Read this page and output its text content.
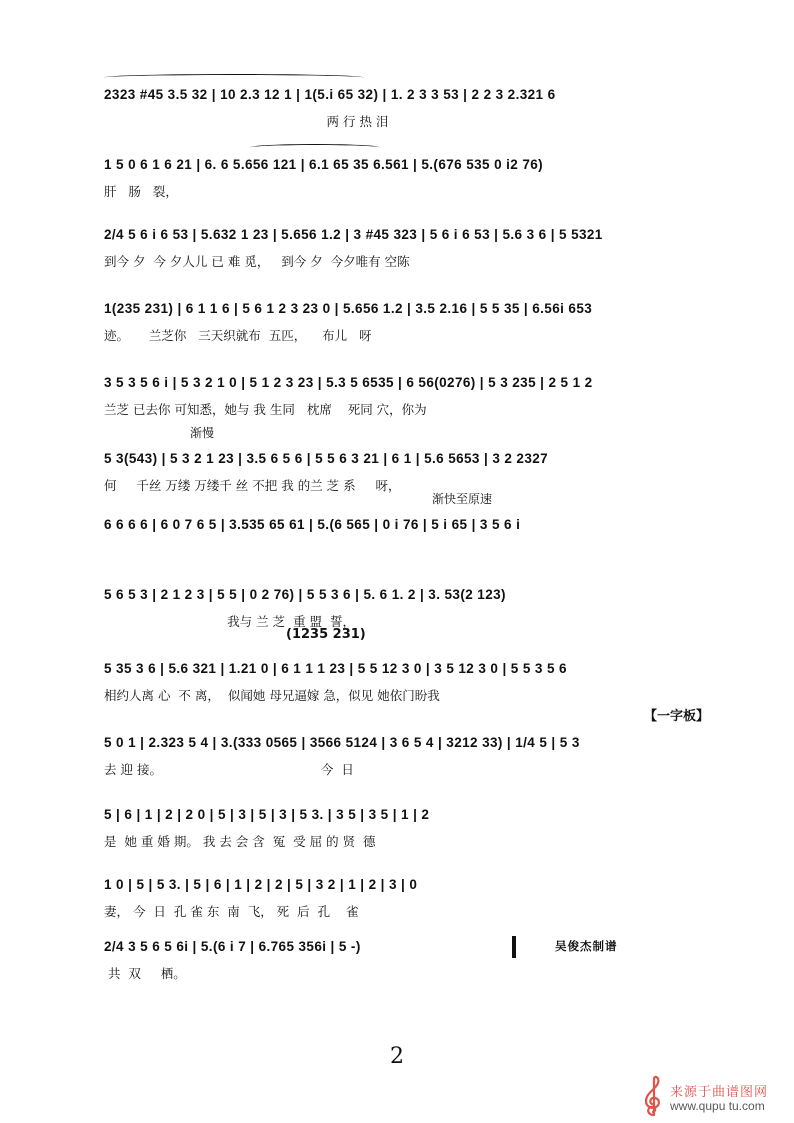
2323 #45 3.5 32 | 10 2.3 12 1 | 1(5.i 65 32) | 1. 2 3 3 53 | 2 2 3 2.321 6
两 行 热 泪
1 5 0 6 1 6 21 | 6. 6 5.656 121 | 6.1 65 35 6.561 | 5.(676 535 0 i2 76)
肝   肠   裂，
2/4 5 6 i 6 53 | 5.632 1 23 | 5.656 1.2 | 3 #45 323 | 5 6 i 6 53 | 5.6 3 6 | 5 5321
到今 夕  今 夕人儿 已 难 觅，   到今 夕  今夕唯有 空陈
1(235 231) | 6 1 1 6 | 5 6 1 2 3 23 0 | 5.656 1.2 | 3.5 2.16 | 5 5 35 | 6.56i 653
迹。     兰芝你   三天织就布  五匹，    布儿   呀
3 5 3 5 6 i | 5 3 2 1 0 | 5 1 2 3 23 | 5.3 5 6535 | 6 56(0276) | 5 3 235 | 2 5 1 2
兰芝 已去你 可知悉，她与 我 生同   枕席    死同 穴，你为
渐慢
5 3(543) | 5 3 2 1 23 | 3.5 6 5 6 | 5 5 6 3 21 | 6 1 | 5.6 5653 | 3 2 2327
何     千丝 万缕 万缕千 丝 不把 我 的兰 芝 系     呀，
渐快至原速
6 6 6 6 | 6 0 7 6 5 | 3.535 65 61 | 5.(6 565 | 0 i 76 | 5 i 65 | 3 5 6 i
5 6 5 3 | 2 1 2 3 | 5 5 | 0 2 76) | 5 5 3 6 | 5. 6 1. 2 | 3. 53(2 123)
我与 兰 芝  重 盟  誓，
(1235 231)
5 35 3 6 | 5.6 321 | 1.21 0 | 6 1 1 1 23 | 5 5 12 3 0 | 3 5 12 3 0 | 5 5 3 5 6
相约人离 心  不 离，  似闻她 母兄逼嫁 急，似见 她依门盼我
【一字板】
5 0 1 | 2.323 5 4 | 3.(333 0565 | 3566 5124 | 3 6 5 4 | 3212 33) | 1/4 5 | 5 3
去 迎 接。                                        今  日
5 | 6 | 1 | 2 | 2 0 | 5 | 3 | 5 | 3 | 5 3. | 3 5 | 3 5 | 1 | 2
是  她 重 婚 期。 我 去 会 含  冤  受 屈 的 贤  德
1 0 | 5 | 5 3. | 5 | 6 | 1 | 2 | 2 | 5 | 3 2 | 1 | 2 | 3 | 0
妻， 今  日  孔 雀 东  南  飞， 死  后  孔    雀
2/4 3 5 6 5 6i | 5.(6 i 7 | 6.765 356i | 5 -)
共  双     栖。
吴俊杰制谱
2
来源于曲谱图网
www.qupu tu.com
